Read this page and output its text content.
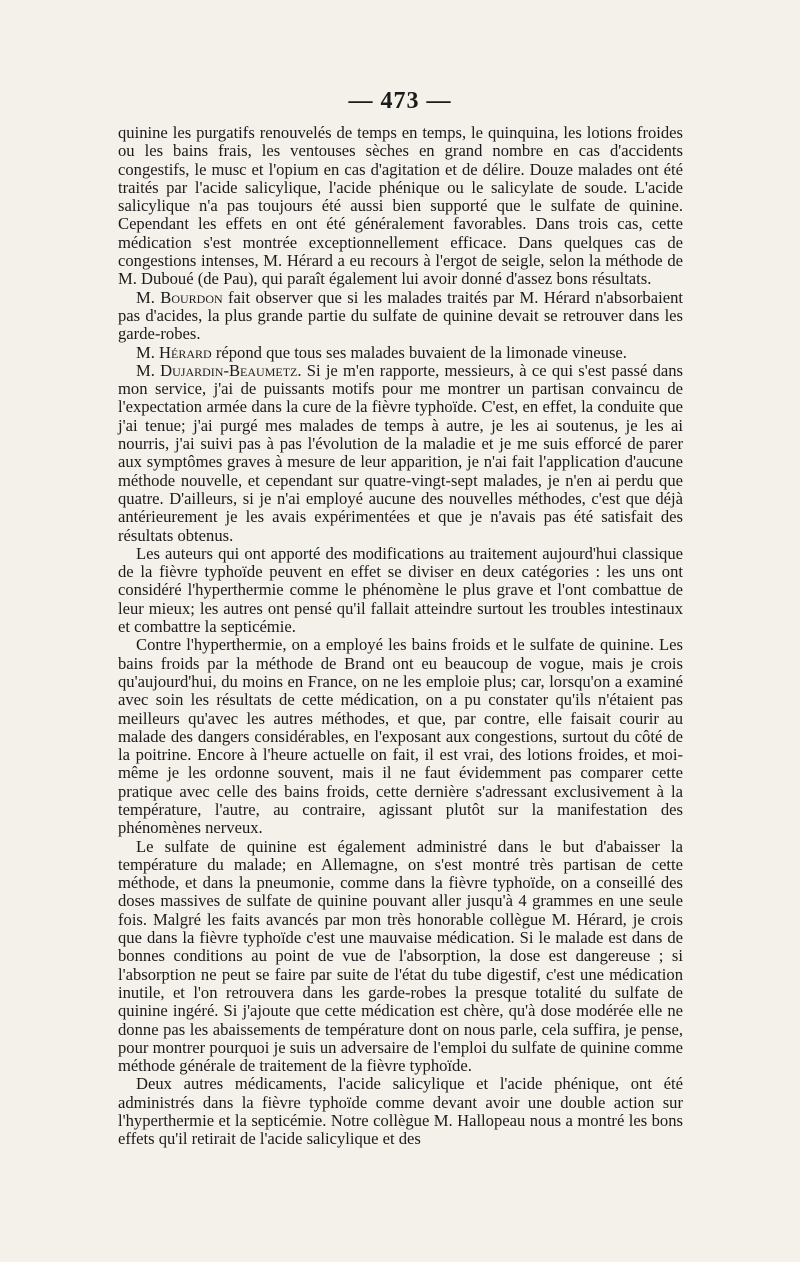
— 473 —

quinine les purgatifs renouvelés de temps en temps, le quinquina, les lotions froides ou les bains frais, les ventouses sèches en grand nombre en cas d'accidents congestifs, le musc et l'opium en cas d'agitation et de délire. Douze malades ont été traités par l'acide salicylique, l'acide phénique ou le salicylate de soude. L'acide salicylique n'a pas toujours été aussi bien supporté que le sulfate de quinine. Cependant les effets en ont été généralement favorables. Dans trois cas, cette médication s'est montrée exceptionnellement efficace. Dans quelques cas de congestions intenses, M. Hérard a eu recours à l'ergot de seigle, selon la méthode de M. Duboué (de Pau), qui paraît également lui avoir donné d'assez bons résultats.

M. Bourdon fait observer que si les malades traités par M. Hérard n'absorbaient pas d'acides, la plus grande partie du sulfate de quinine devait se retrouver dans les garde-robes.

M. Hérard répond que tous ses malades buvaient de la limonade vineuse.

M. Dujardin-Beaumetz. Si je m'en rapporte, messieurs, à ce qui s'est passé dans mon service, j'ai de puissants motifs pour me montrer un partisan convaincu de l'expectation armée dans la cure de la fièvre typhoïde. C'est, en effet, la conduite que j'ai tenue; j'ai purgé mes malades de temps à autre, je les ai soutenus, je les ai nourris, j'ai suivi pas à pas l'évolution de la maladie et je me suis efforcé de parer aux symptômes graves à mesure de leur apparition, je n'ai fait l'application d'aucune méthode nouvelle, et cependant sur quatre-vingt-sept malades, je n'en ai perdu que quatre. D'ailleurs, si je n'ai employé aucune des nouvelles méthodes, c'est que déjà antérieurement je les avais expérimentées et que je n'avais pas été satisfait des résultats obtenus.

Les auteurs qui ont apporté des modifications au traitement aujourd'hui classique de la fièvre typhoïde peuvent en effet se diviser en deux catégories : les uns ont considéré l'hyperthermie comme le phénomène le plus grave et l'ont combattue de leur mieux; les autres ont pensé qu'il fallait atteindre surtout les troubles intestinaux et combattre la septicémie.

Contre l'hyperthermie, on a employé les bains froids et le sulfate de quinine. Les bains froids par la méthode de Brand ont eu beaucoup de vogue, mais je crois qu'aujourd'hui, du moins en France, on ne les emploie plus; car, lorsqu'on a examiné avec soin les résultats de cette médication, on a pu constater qu'ils n'étaient pas meilleurs qu'avec les autres méthodes, et que, par contre, elle faisait courir au malade des dangers considérables, en l'exposant aux congestions, surtout du côté de la poitrine. Encore à l'heure actuelle on fait, il est vrai, des lotions froides, et moi-même je les ordonne souvent, mais il ne faut évidemment pas comparer cette pratique avec celle des bains froids, cette dernière s'adressant exclusivement à la température, l'autre, au contraire, agissant plutôt sur la manifestation des phénomènes nerveux.

Le sulfate de quinine est également administré dans le but d'abaisser la température du malade; en Allemagne, on s'est montré très partisan de cette méthode, et dans la pneumonie, comme dans la fièvre typhoïde, on a conseillé des doses massives de sulfate de quinine pouvant aller jusqu'à 4 grammes en une seule fois. Malgré les faits avancés par mon très honorable collègue M. Hérard, je crois que dans la fièvre typhoïde c'est une mauvaise médication. Si le malade est dans de bonnes conditions au point de vue de l'absorption, la dose est dangereuse ; si l'absorption ne peut se faire par suite de l'état du tube digestif, c'est une médication inutile, et l'on retrouvera dans les garde-robes la presque totalité du sulfate de quinine ingéré. Si j'ajoute que cette médication est chère, qu'à dose modérée elle ne donne pas les abaissements de température dont on nous parle, cela suffira, je pense, pour montrer pourquoi je suis un adversaire de l'emploi du sulfate de quinine comme méthode générale de traitement de la fièvre typhoïde.

Deux autres médicaments, l'acide salicylique et l'acide phénique, ont été administrés dans la fièvre typhoïde comme devant avoir une double action sur l'hyperthermie et la septicémie. Notre collègue M. Hallopeau nous a montré les bons effets qu'il retirait de l'acide salicylique et des
